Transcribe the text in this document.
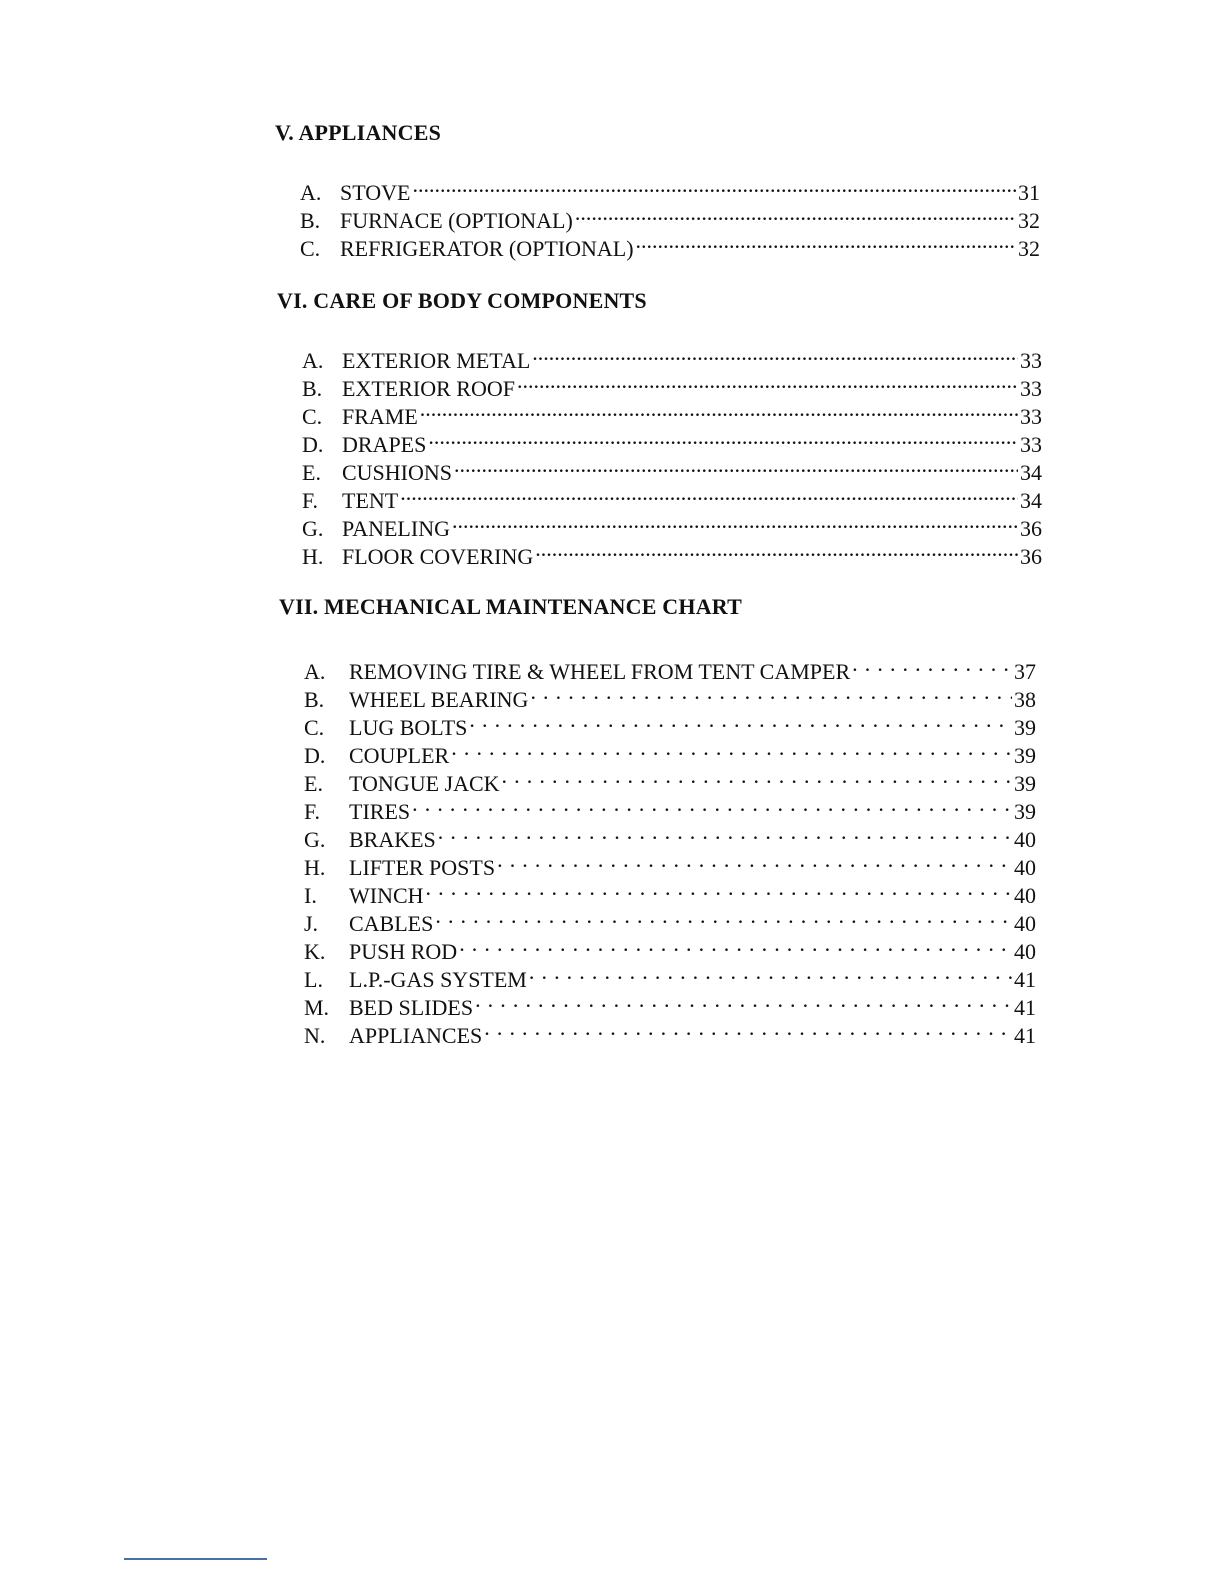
V. APPLIANCES
A. STOVE .....	31
B. FURNACE (OPTIONAL) .....	32
C. REFRIGERATOR (OPTIONAL) .....	32
VI. CARE OF BODY COMPONENTS
A. EXTERIOR METAL .....	33
B. EXTERIOR ROOF .....	33
C. FRAME .....	33
D. DRAPES .....	33
E. CUSHIONS .....	34
F.	TENT .....	34
G. PANELING .....	36
H. FLOOR COVERING .....	36
VII. MECHANICAL MAINTENANCE CHART
A.	REMOVING TIRE & WHEEL FROM TENT CAMPER . . .	37
B.	WHEEL BEARING . . .	38
C.	LUG BOLTS . . .	39
D.	COUPLER . . .	39
E.	TONGUE JACK . . .	39
F.	TIRES . . .	39
G.	BRAKES . . .	40
H.	LIFTER POSTS . . .	40
I.	WINCH . . .	40
J.	CABLES . . .	40
K.	PUSH ROD . . .	40
L.	L.P.-GAS SYSTEM . . .	41
M. BED SLIDES . . .	41
N.	APPLIANCES . . .	41
